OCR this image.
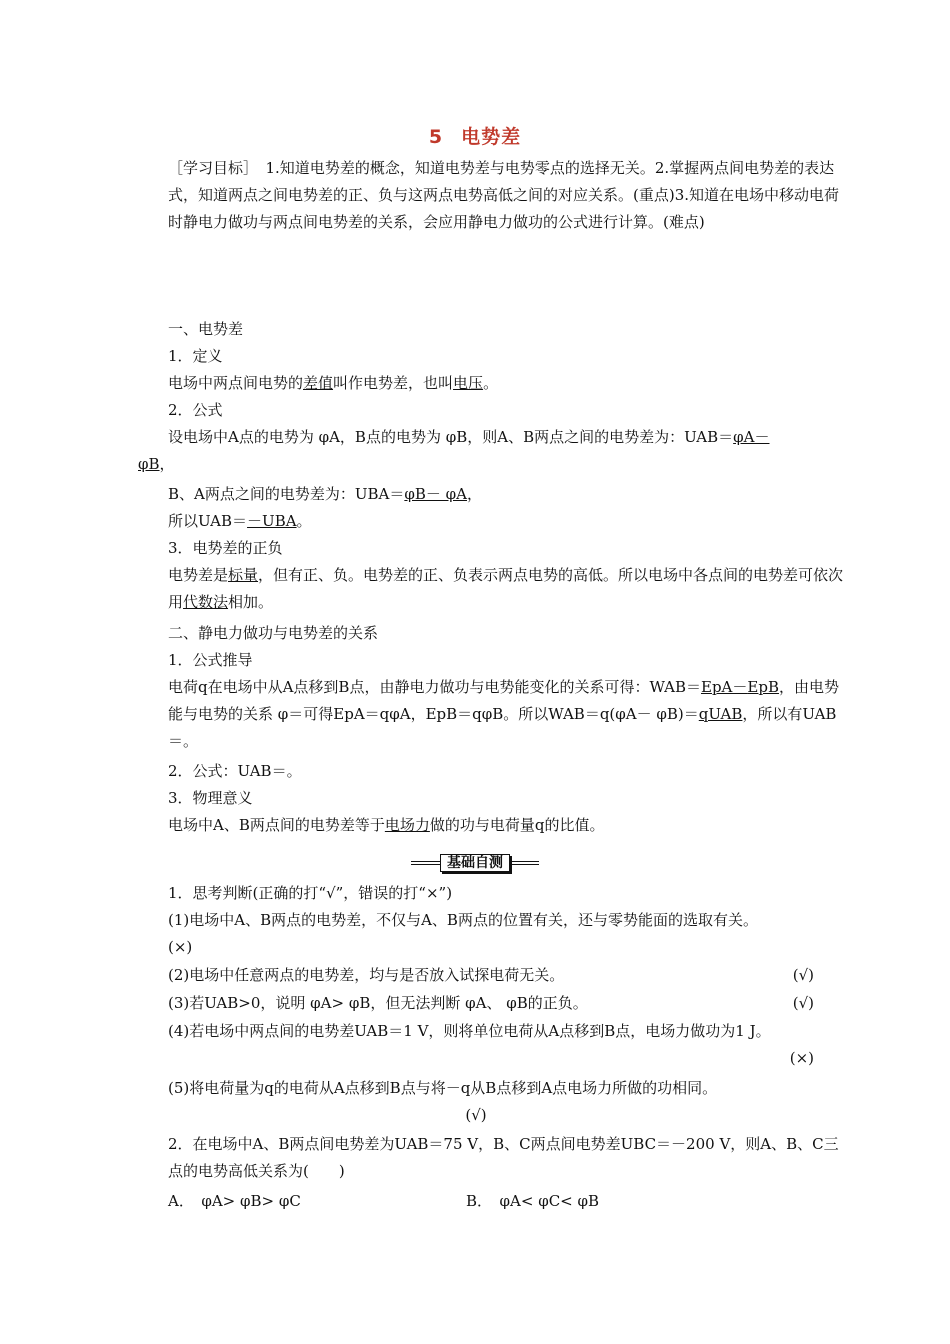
5 电势差

［学习目标］　1.知道电势差的概念，知道电势差与电势零点的选择无关。2.掌握两点间电势差的表达式，知道两点之间电势差的正、负与这两点电势高低之间的对应关系。(重点)3.知道在电场中移动电荷时静电力做功与两点间电势差的关系，会应用静电力做功的公式进行计算。(难点)

一、电势差

1．定义

电场中两点间电势的差值叫作电势差，也叫电压。

2．公式

设电场中A点的电势为 φA，B点的电势为 φB，则A、B两点之间的电势差为：UAB＝φA－
φB，

B、A两点之间的电势差为：UBA＝φB－ φA，

所以UAB＝－UBA。

3．电势差的正负

电势差是标量，但有正、负。电势差的正、负表示两点电势的高低。所以电场中各点间的电势差可依次用代数法相加。

二、静电力做功与电势差的关系

1．公式推导

电荷q在电场中从A点移到B点，由静电力做功与电势能变化的关系可得：WAB＝EpA－EpB，由电势能与电势的关系 φ＝可得EpA＝qφA，EpB＝qφB。所以WAB＝q(φA－ φB)＝qUAB，所以有UAB＝。

2．公式：UAB＝。

3．物理意义

电场中A、B两点间的电势差等于电场力做的功与电荷量q的比值。

基础自测

1．思考判断(正确的打“√”，错误的打“×”)

(1)电场中A、B两点的电势差，不仅与A、B两点的位置有关，还与零势能面的选取有关。

(×)

(2)电场中任意两点的电势差，均与是否放入试探电荷无关。	(√)

(3)若UAB>0，说明 φA> φB，但无法判断 φA、 φB的正负。	(√)

(4)若电场中两点间的电势差UAB＝1 V，则将单位电荷从A点移到B点，电场力做功为1 J。

(×)

(5)将电荷量为q的电荷从A点移到B点与将－q从B点移到A点电场力所做的功相同。

(√)

2．在电场中A、B两点间电势差为UAB＝75 V，B、C两点间电势差UBC＝－200 V，则A、B、C三点的电势高低关系为(　　)

A．　φA> φB> φC	B．　φA< φC< φB
